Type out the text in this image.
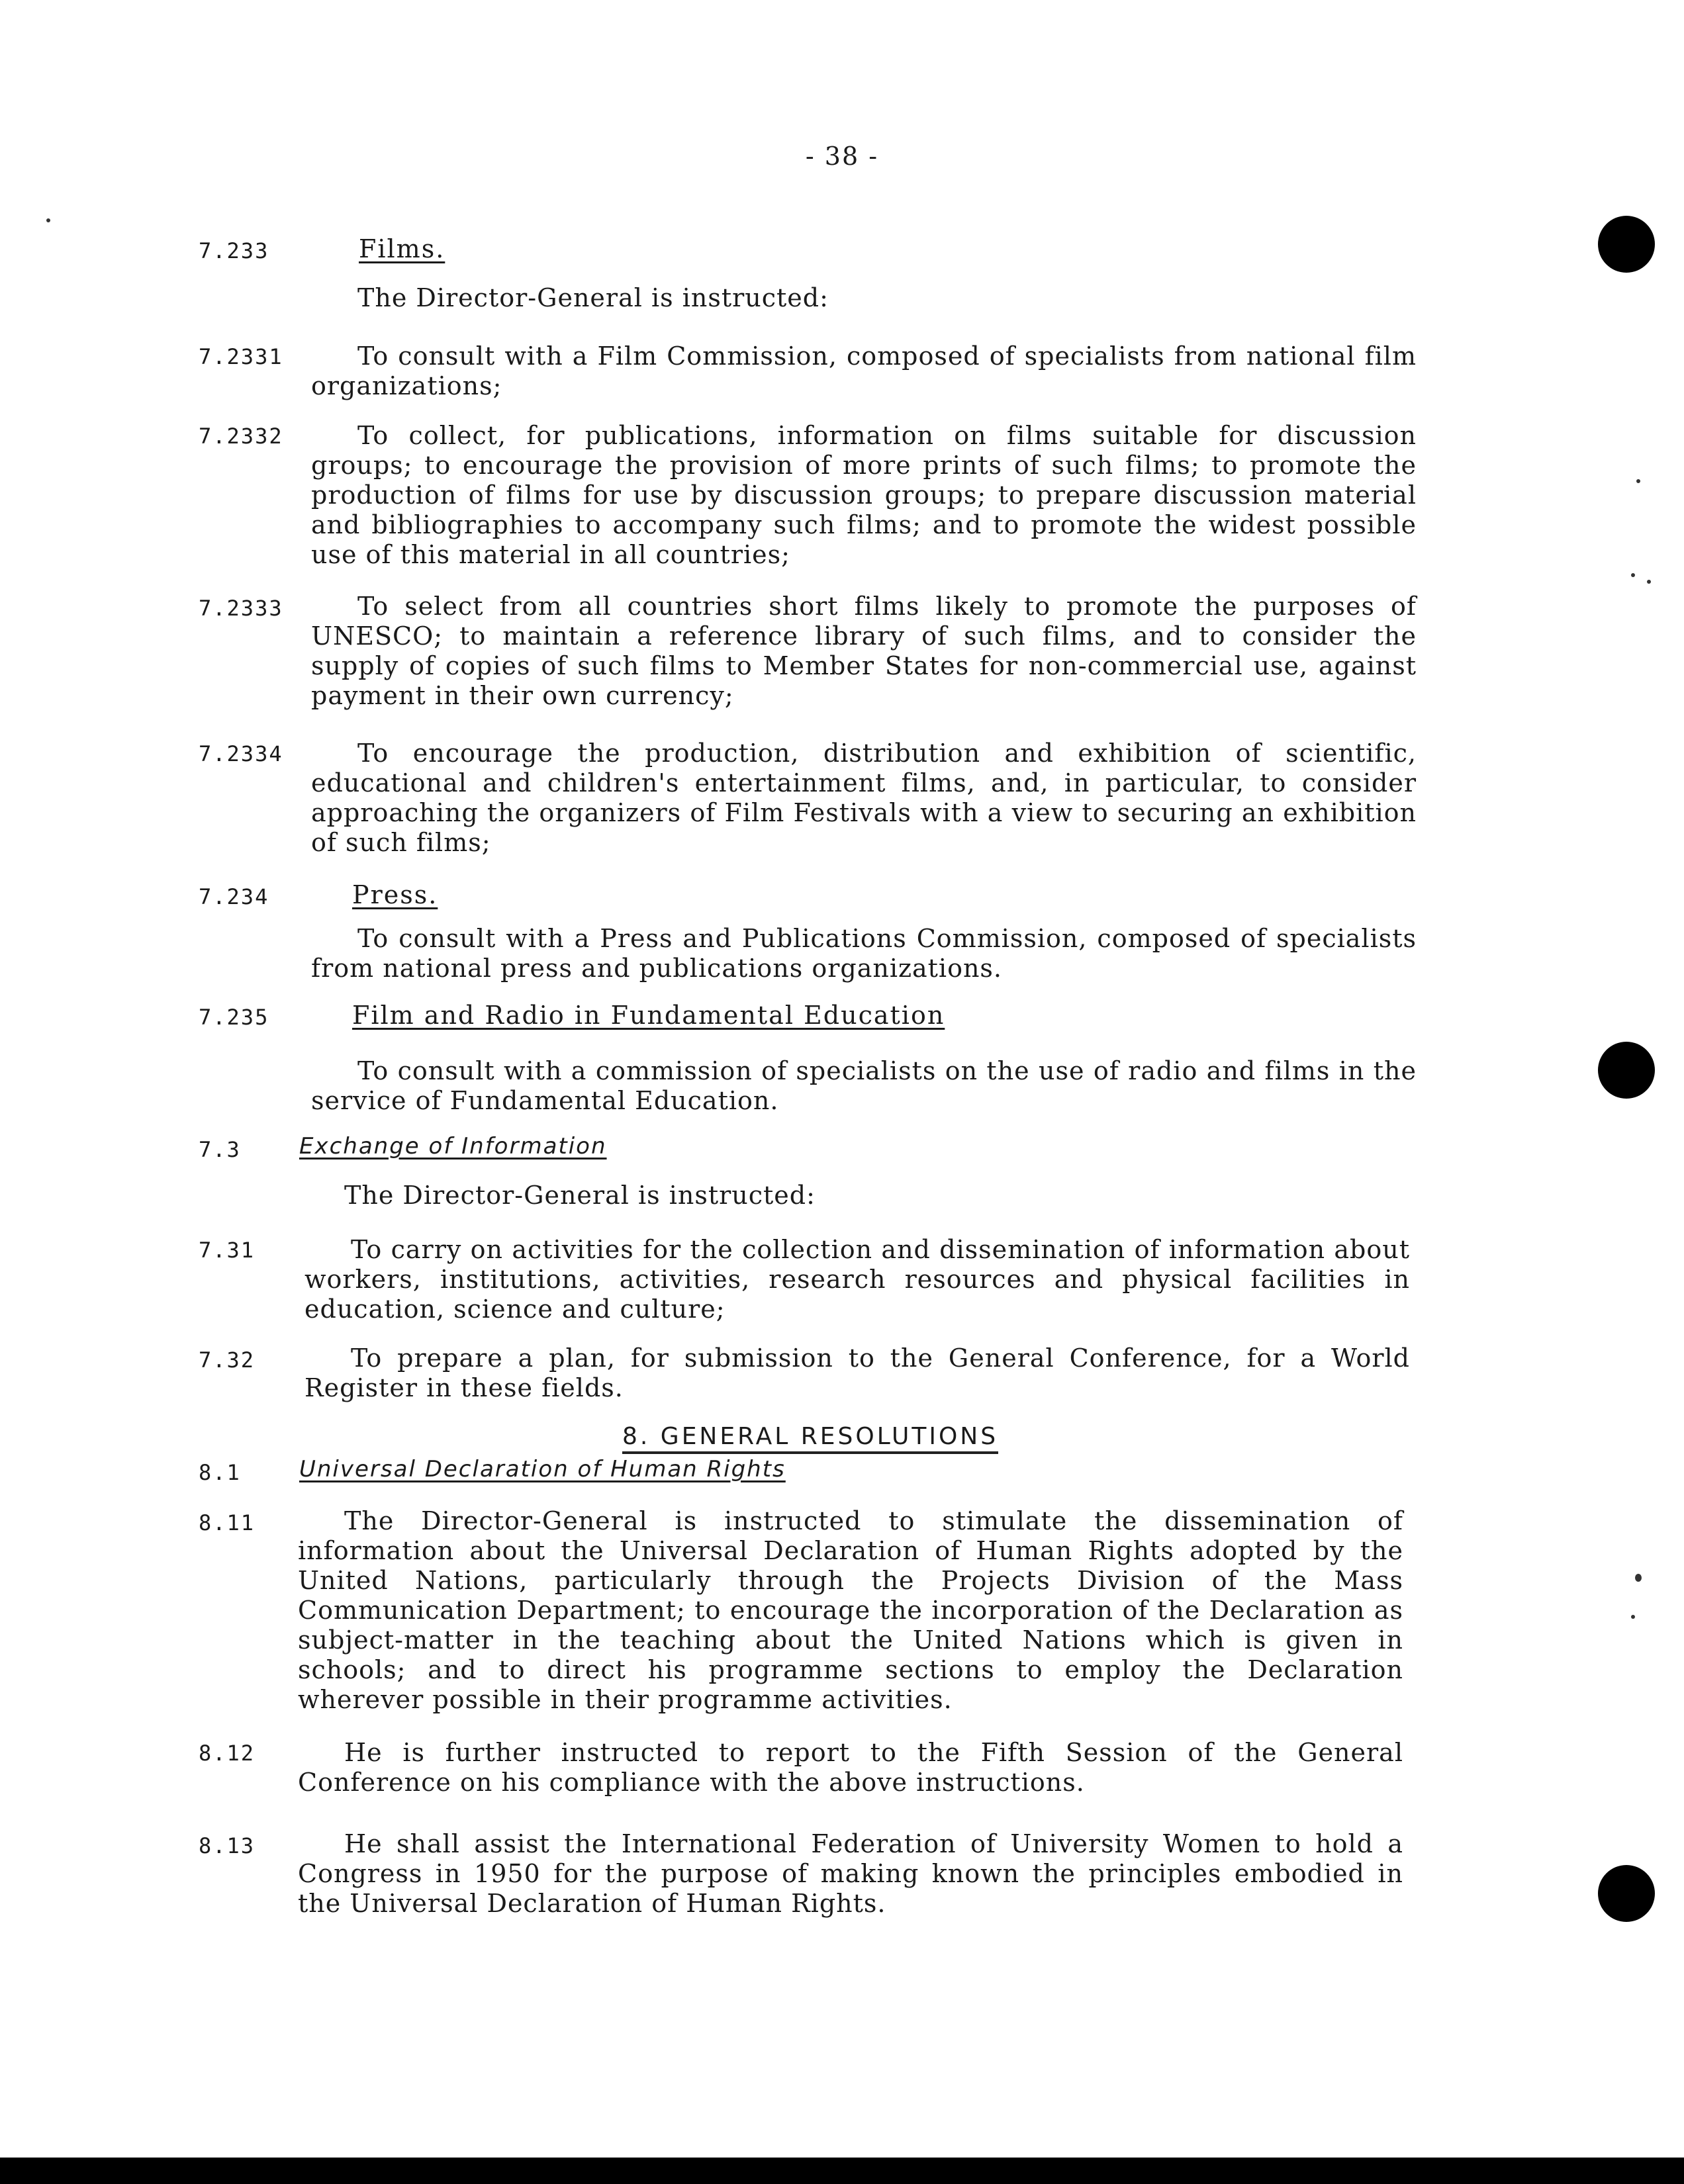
- 38 -
7.233	Films.
The Director-General is instructed:
7.2331	To consult with a Film Commission, composed of specialists from national film organizations;
7.2332	To collect, for publications, information on films suitable for discussion groups; to encourage the provision of more prints of such films; to promote the production of films for use by discussion groups; to prepare discussion material and bibliographies to accompany such films; and to promote the widest possible use of this material in all countries;
7.2333	To select from all countries short films likely to promote the purposes of UNESCO; to maintain a reference library of such films, and to consider the supply of copies of such films to Member States for non-commercial use, against payment in their own currency;
7.2334	To encourage the production, distribution and exhibition of scientific, educational and children's entertainment films, and, in particular, to consider approaching the organizers of Film Festivals with a view to securing an exhibition of such films;
7.234	Press.
To consult with a Press and Publications Commission, composed of specialists from national press and publications organizations.
7.235	Film and Radio in Fundamental Education
To consult with a commission of specialists on the use of radio and films in the service of Fundamental Education.
7.3	Exchange of Information
The Director-General is instructed:
7.31	To carry on activities for the collection and dissemination of information about workers, institutions, activities, research resources and physical facilities in education, science and culture;
7.32	To prepare a plan, for submission to the General Conference, for a World Register in these fields.
8. GENERAL RESOLUTIONS
8.1	Universal Declaration of Human Rights
8.11	The Director-General is instructed to stimulate the dissemination of information about the Universal Declaration of Human Rights adopted by the United Nations, particularly through the Projects Division of the Mass Communication Department; to encourage the incorporation of the Declaration as subject-matter in the teaching about the United Nations which is given in schools; and to direct his programme sections to employ the Declaration wherever possible in their programme activities.
8.12	He is further instructed to report to the Fifth Session of the General Conference on his compliance with the above instructions.
8.13	He shall assist the International Federation of University Women to hold a Congress in 1950 for the purpose of making known the principles embodied in the Universal Declaration of Human Rights.
